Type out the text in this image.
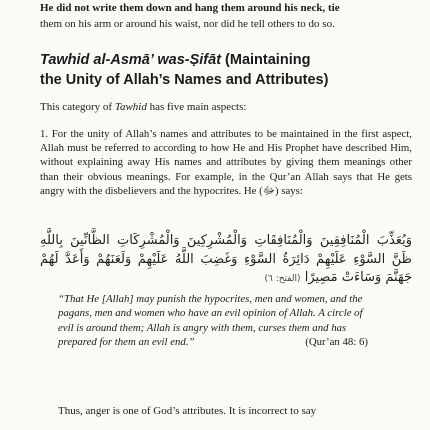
He did not write them down and hang them around his neck, tie
them on his arm or around his waist, nor did he tell others to do so.
Tawhid al-Asmā’ was-Ṣifāt (Maintaining
the Unity of Allah’s Names and Attributes)
This category of Tawhid has five main aspects:
1. For the unity of Allah’s names and attributes to be maintained in the first aspect, Allah must be referred to according to how He and His Prophet have described Him, without explaining away His names and attributes by giving them meanings other than their obvious meanings. For example, in the Qur’an Allah says that He gets angry with the disbelievers and the hypocrites. He (ﷻ) says:
وَيُعَذِّبَ الْمُنَافِقِينَ وَالْمُنَافِقَاتِ وَالْمُشْرِكِينَ وَالْمُشْرِكَاتِ الظَّانِّينَ بِاللَّهِ ظَنَّ السَّوْءِ عَلَيْهِمْ دَائِرَةُ السَّوْءِ وَغَضِبَ اللَّهُ عَلَيْهِمْ وَلَعَنَهُمْ وَأَعَدَّ لَهُمْ جَهَنَّمَ وَسَاءَتْ مَصِيرًا (الفتح: ٦)
“That He [Allah] may punish the hypocrites, men and women, and the pagans, men and women who have an evil opinion of Allah. A circle of evil is around them; Allah is angry with them, curses them and has prepared for them an evil end.”	(Qur’an 48: 6)
Thus, anger is one of God’s attributes. It is incorrect to say
